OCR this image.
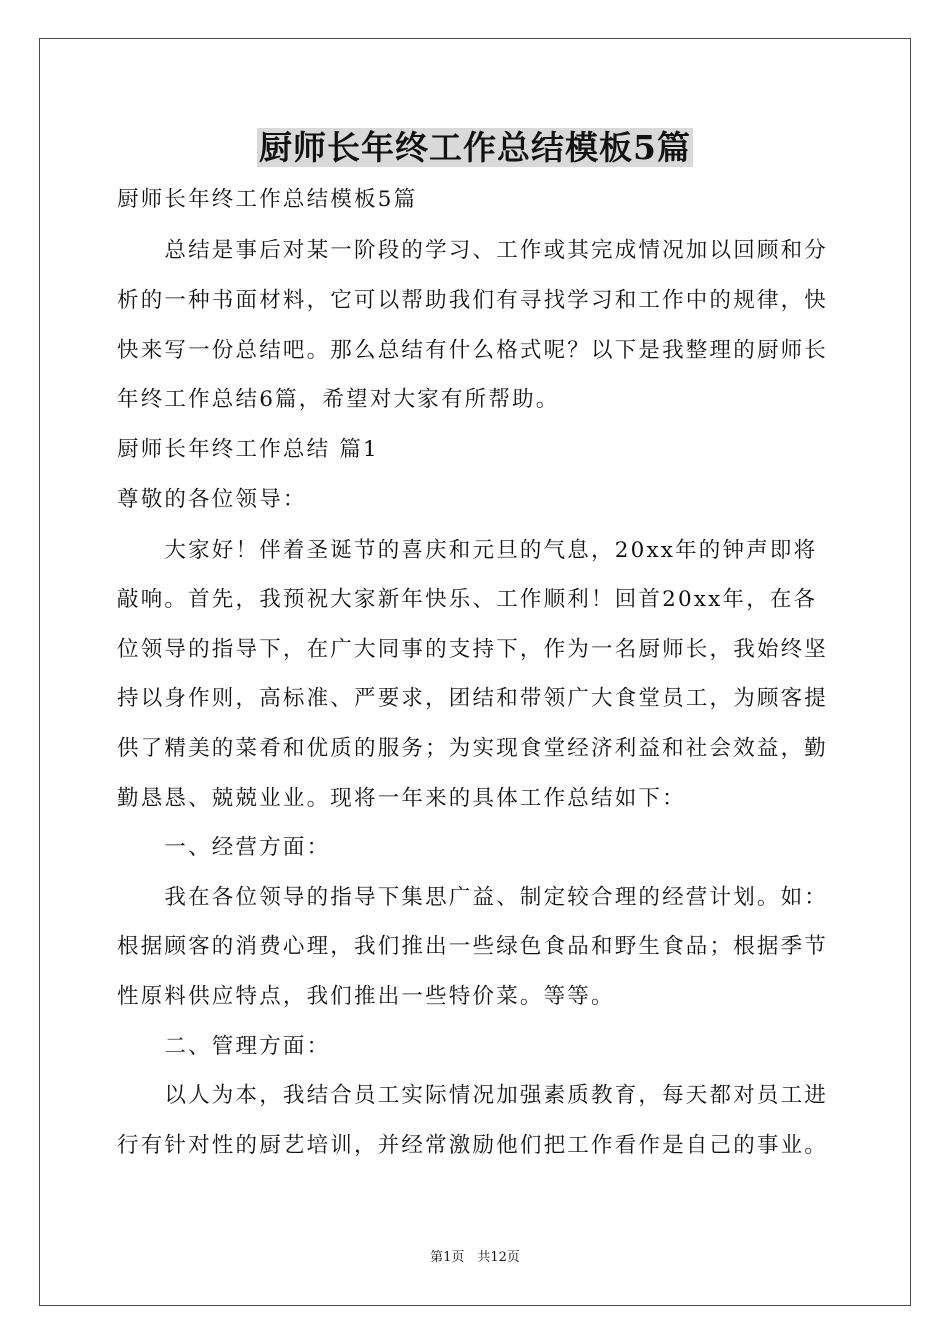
厨师长年终工作总结模板5篇
厨师长年终工作总结模板5篇
　　总结是事后对某一阶段的学习、工作或其完成情况加以回顾和分
析的一种书面材料，它可以帮助我们有寻找学习和工作中的规律，快
快来写一份总结吧。那么总结有什么格式呢？以下是我整理的厨师长
年终工作总结6篇，希望对大家有所帮助。
厨师长年终工作总结 篇1
尊敬的各位领导：
　　大家好！伴着圣诞节的喜庆和元旦的气息，20xx年的钟声即将
敲响。首先，我预祝大家新年快乐、工作顺利！回首20xx年，在各
位领导的指导下，在广大同事的支持下，作为一名厨师长，我始终坚
持以身作则，高标准、严要求，团结和带领广大食堂员工，为顾客提
供了精美的菜肴和优质的服务；为实现食堂经济利益和社会效益，勤
勤恳恳、兢兢业业。现将一年来的具体工作总结如下：
　　一、经营方面：
　　我在各位领导的指导下集思广益、制定较合理的经营计划。如：
根据顾客的消费心理，我们推出一些绿色食品和野生食品；根据季节
性原料供应特点，我们推出一些特价菜。等等。
　　二、管理方面：
　　以人为本，我结合员工实际情况加强素质教育，每天都对员工进
行有针对性的厨艺培训，并经常激励他们把工作看作是自己的事业。
第1页　共12页
